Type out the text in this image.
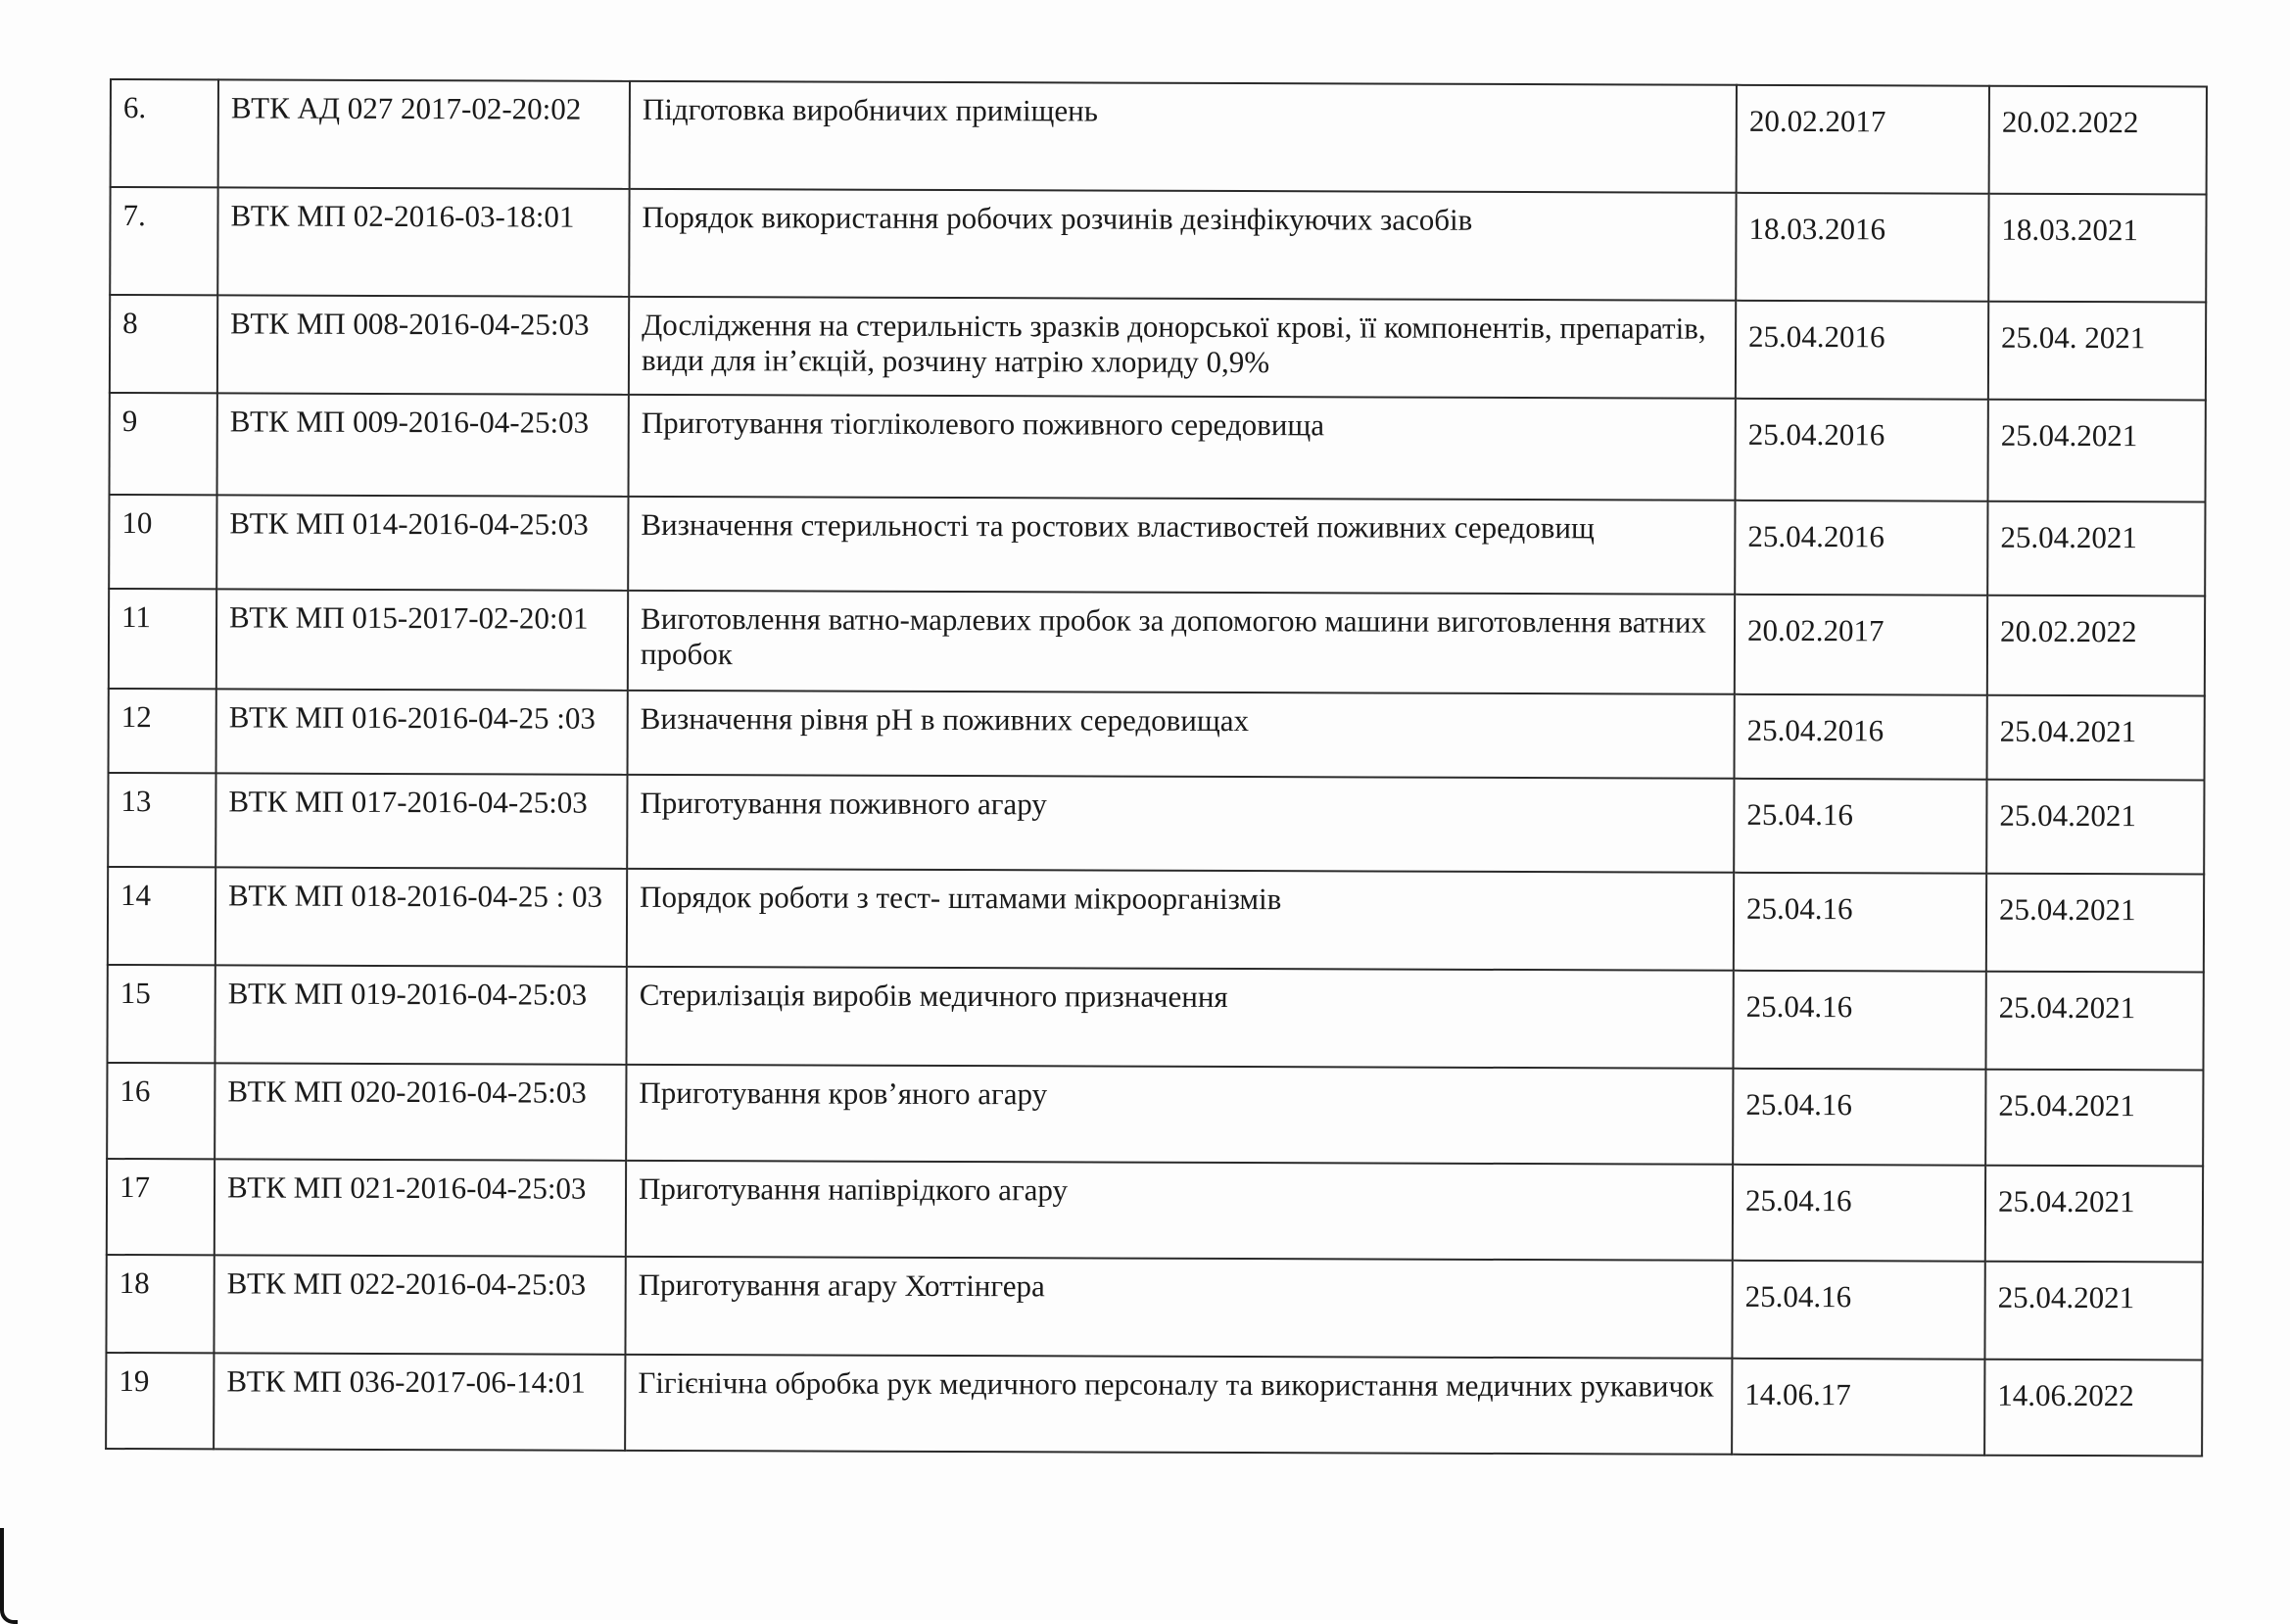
6.	ВТК АД 027 2017-02-20:02	Підготовка виробничих приміщень	20.02.2017	20.02.2022
7.	ВТК МП 02-2016-03-18:01	Порядок використання робочих розчинів дезінфікуючих засобів	18.03.2016	18.03.2021
8	ВТК МП 008-2016-04-25:03	Дослідження на стерильність зразків донорської крові, її компонентів, препаратів, види для ін’єкцій, розчину натрію хлориду 0,9%	25.04.2016	25.04. 2021
9	ВТК МП 009-2016-04-25:03	Приготування тіогліколевого поживного середовища	25.04.2016	25.04.2021
10	ВТК МП 014-2016-04-25:03	Визначення стерильності та ростових властивостей поживних середовищ	25.04.2016	25.04.2021
11	ВТК МП 015-2017-02-20:01	Виготовлення ватно-марлевих пробок за допомогою машини виготовлення ватних пробок	20.02.2017	20.02.2022
12	ВТК МП 016-2016-04-25 :03	Визначення рівня рН в поживних середовищах	25.04.2016	25.04.2021
13	ВТК МП 017-2016-04-25:03	Приготування поживного агару	25.04.16	25.04.2021
14	ВТК МП 018-2016-04-25 : 03	Порядок роботи з тест- штамами мікроорганізмів	25.04.16	25.04.2021
15	ВТК МП 019-2016-04-25:03	Стерилізація виробів медичного призначення	25.04.16	25.04.2021
16	ВТК МП 020-2016-04-25:03	Приготування кров’яного агару	25.04.16	25.04.2021
17	ВТК МП 021-2016-04-25:03	Приготування напіврідкого агару	25.04.16	25.04.2021
18	ВТК МП 022-2016-04-25:03	Приготування агару Хоттінгера	25.04.16	25.04.2021
19	ВТК МП 036-2017-06-14:01	Гігієнічна обробка рук медичного персоналу та використання медичних рукавичок	14.06.17	14.06.2022
